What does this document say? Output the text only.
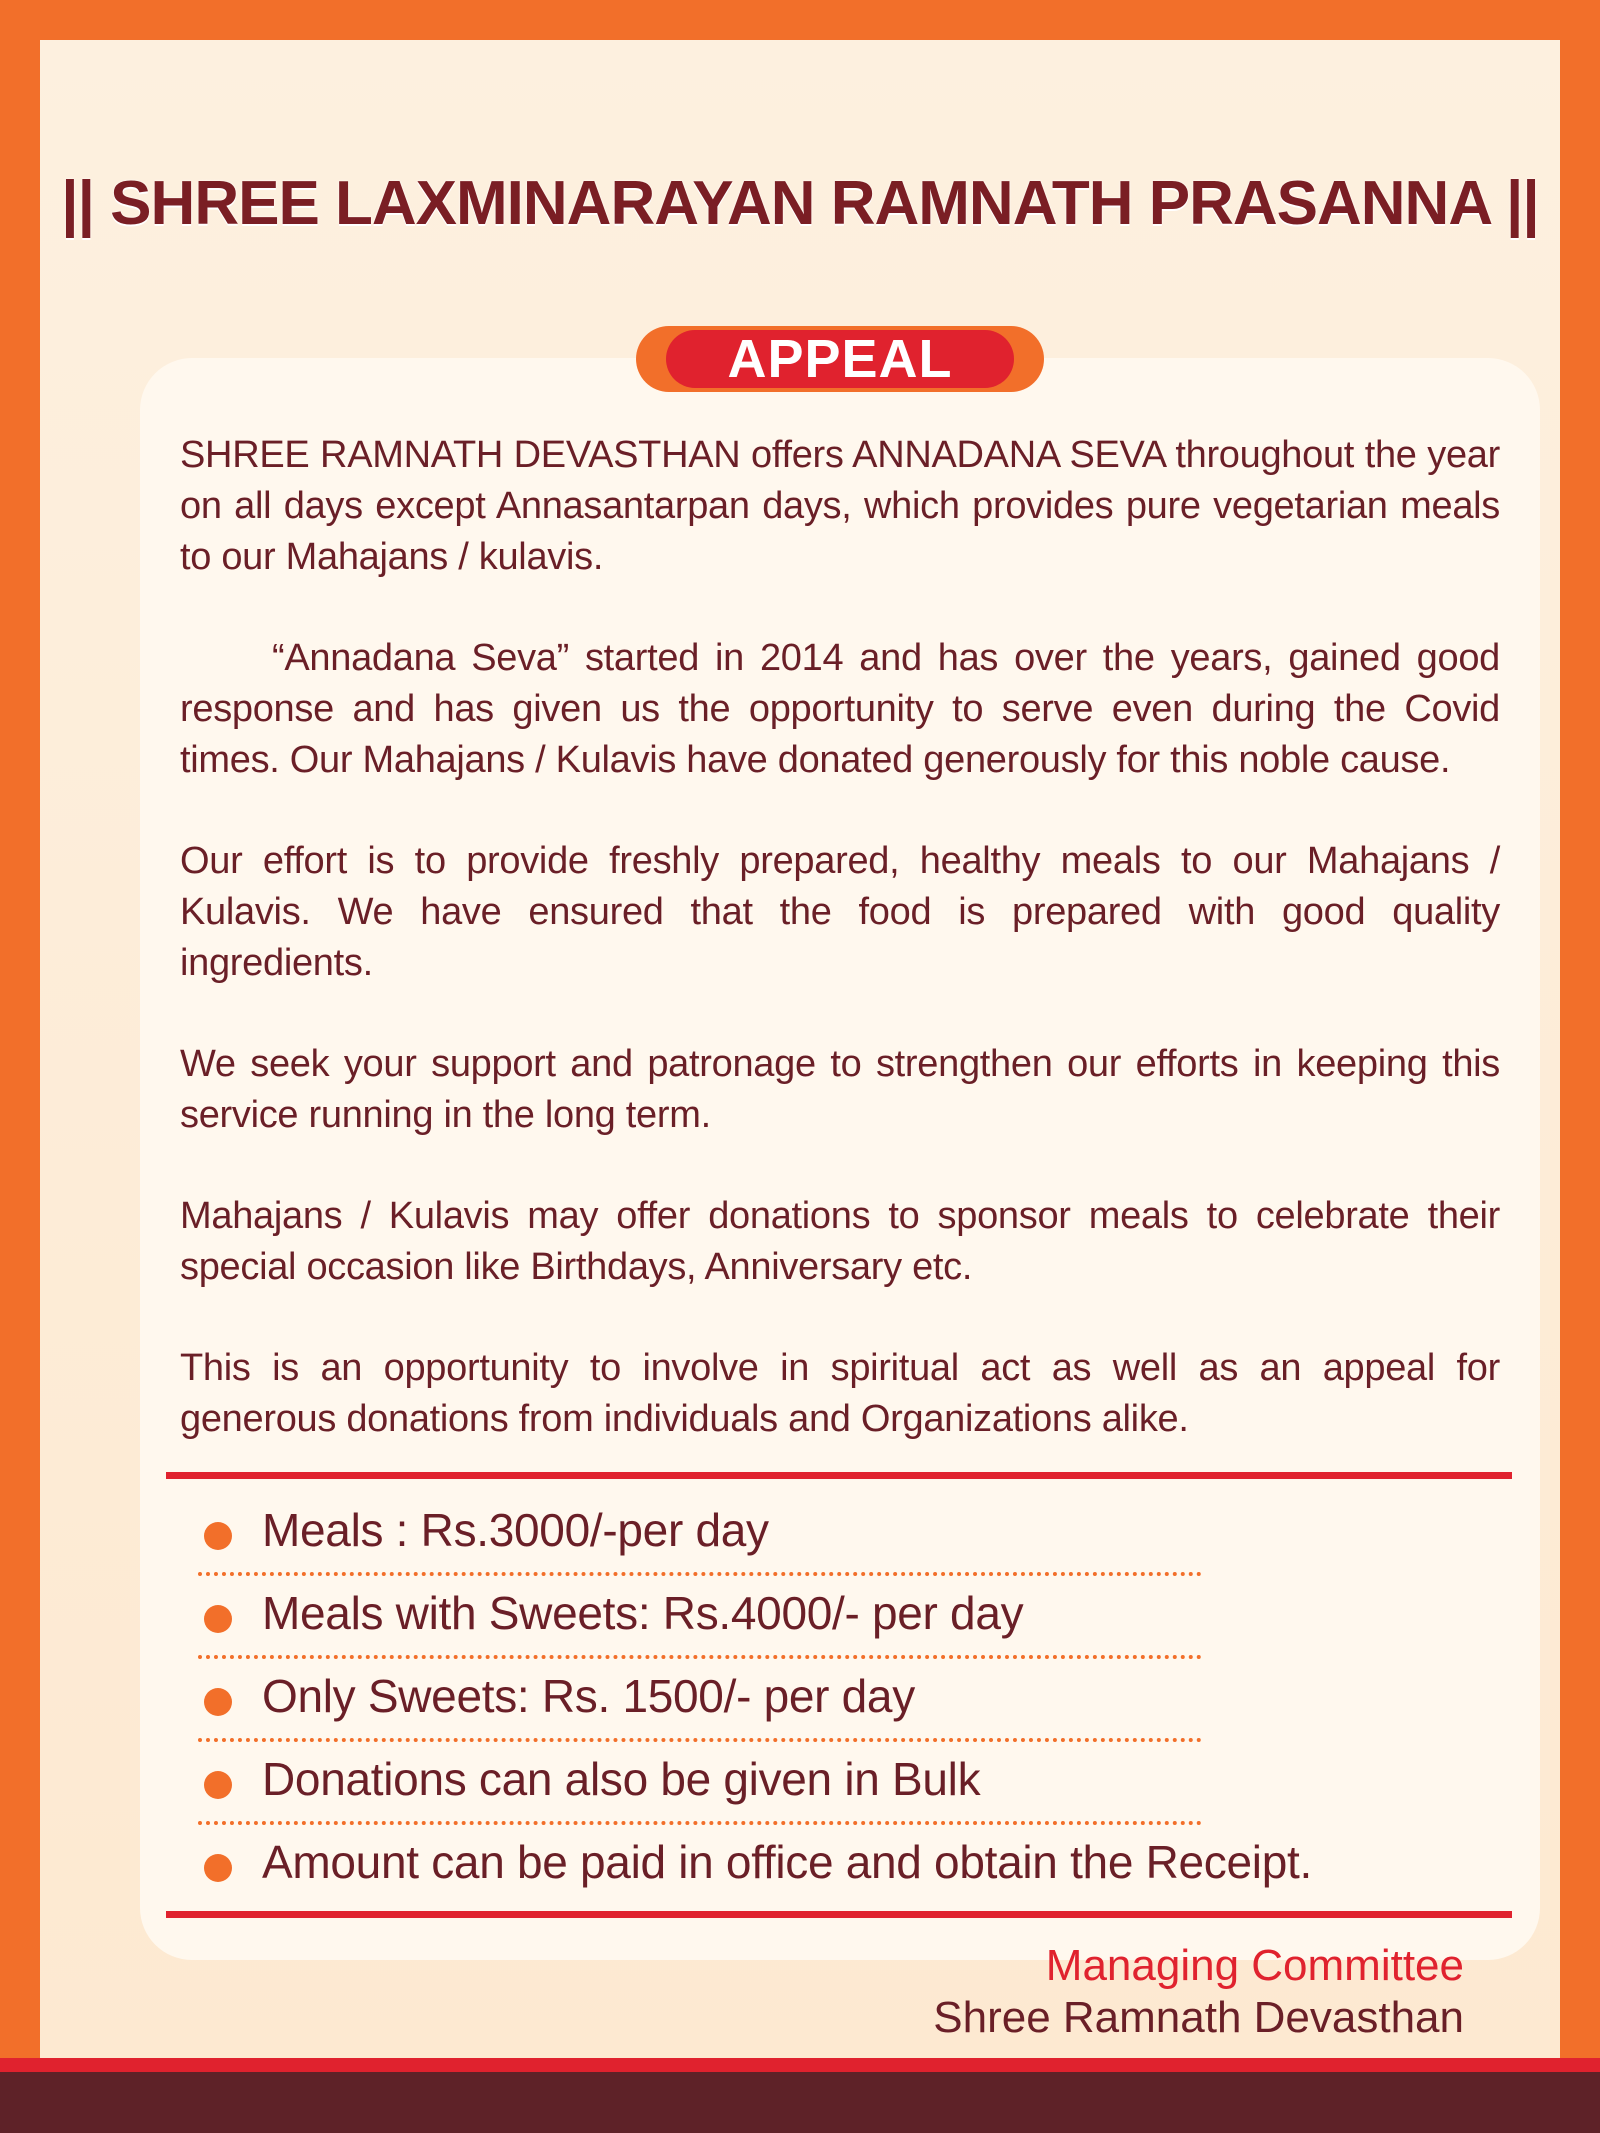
|| SHREE LAXMINARAYAN RAMNATH PRASANNA ||
APPEAL

SHREE RAMNATH DEVASTHAN offers ANNADANA SEVA throughout the year on all days except Annasantarpan days, which provides pure vegetarian meals to our Mahajans / kulavis.

“Annadana Seva” started in 2014 and has over the years, gained good response and has given us the opportunity to serve even during the Covid times. Our Mahajans / Kulavis have donated generously for this noble cause.

Our effort is to provide freshly prepared, healthy meals to our Mahajans / Kulavis. We have ensured that the food is prepared with good quality ingredients.

We seek your support and patronage to strengthen our efforts in keeping this service running in the long term.

Mahajans / Kulavis may offer donations to sponsor meals to celebrate their special occasion like Birthdays, Anniversary etc.

This is an opportunity to involve in spiritual act as well as an appeal for generous donations from individuals and Organizations alike.

Meals : Rs.3000/-per day
Meals with Sweets: Rs.4000/- per day
Only Sweets: Rs. 1500/- per day
Donations can also be given in Bulk
Amount can be paid in office and obtain the Receipt.
Managing Committee
Shree Ramnath Devasthan
